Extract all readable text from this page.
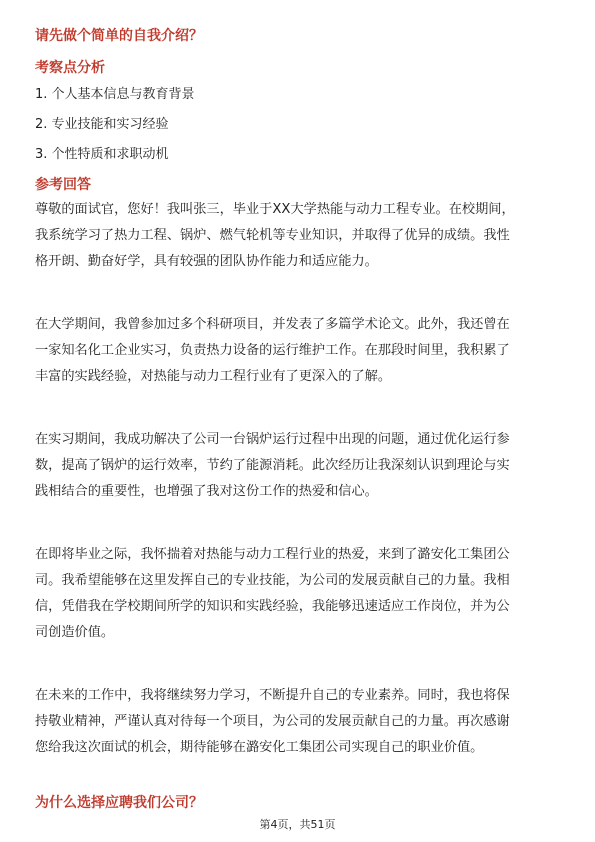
请先做个简单的自我介绍？
考察点分析
1. 个人基本信息与教育背景
2. 专业技能和实习经验
3. 个性特质和求职动机
参考回答
尊敬的面试官，您好！我叫张三，毕业于XX大学热能与动力工程专业。在校期间，
我系统学习了热力工程、锅炉、燃气轮机等专业知识，并取得了优异的成绩。我性
格开朗、勤奋好学，具有较强的团队协作能力和适应能力。
在大学期间，我曾参加过多个科研项目，并发表了多篇学术论文。此外，我还曾在
一家知名化工企业实习，负责热力设备的运行维护工作。在那段时间里，我积累了
丰富的实践经验，对热能与动力工程行业有了更深入的了解。
在实习期间，我成功解决了公司一台锅炉运行过程中出现的问题，通过优化运行参
数，提高了锅炉的运行效率，节约了能源消耗。此次经历让我深刻认识到理论与实
践相结合的重要性，也增强了我对这份工作的热爱和信心。
在即将毕业之际，我怀揣着对热能与动力工程行业的热爱，来到了潞安化工集团公
司。我希望能够在这里发挥自己的专业技能，为公司的发展贡献自己的力量。我相
信，凭借我在学校期间所学的知识和实践经验，我能够迅速适应工作岗位，并为公
司创造价值。
在未来的工作中，我将继续努力学习，不断提升自己的专业素养。同时，我也将保
持敬业精神，严谨认真对待每一个项目，为公司的发展贡献自己的力量。再次感谢
您给我这次面试的机会，期待能够在潞安化工集团公司实现自己的职业价值。
为什么选择应聘我们公司？
第4页，共51页
